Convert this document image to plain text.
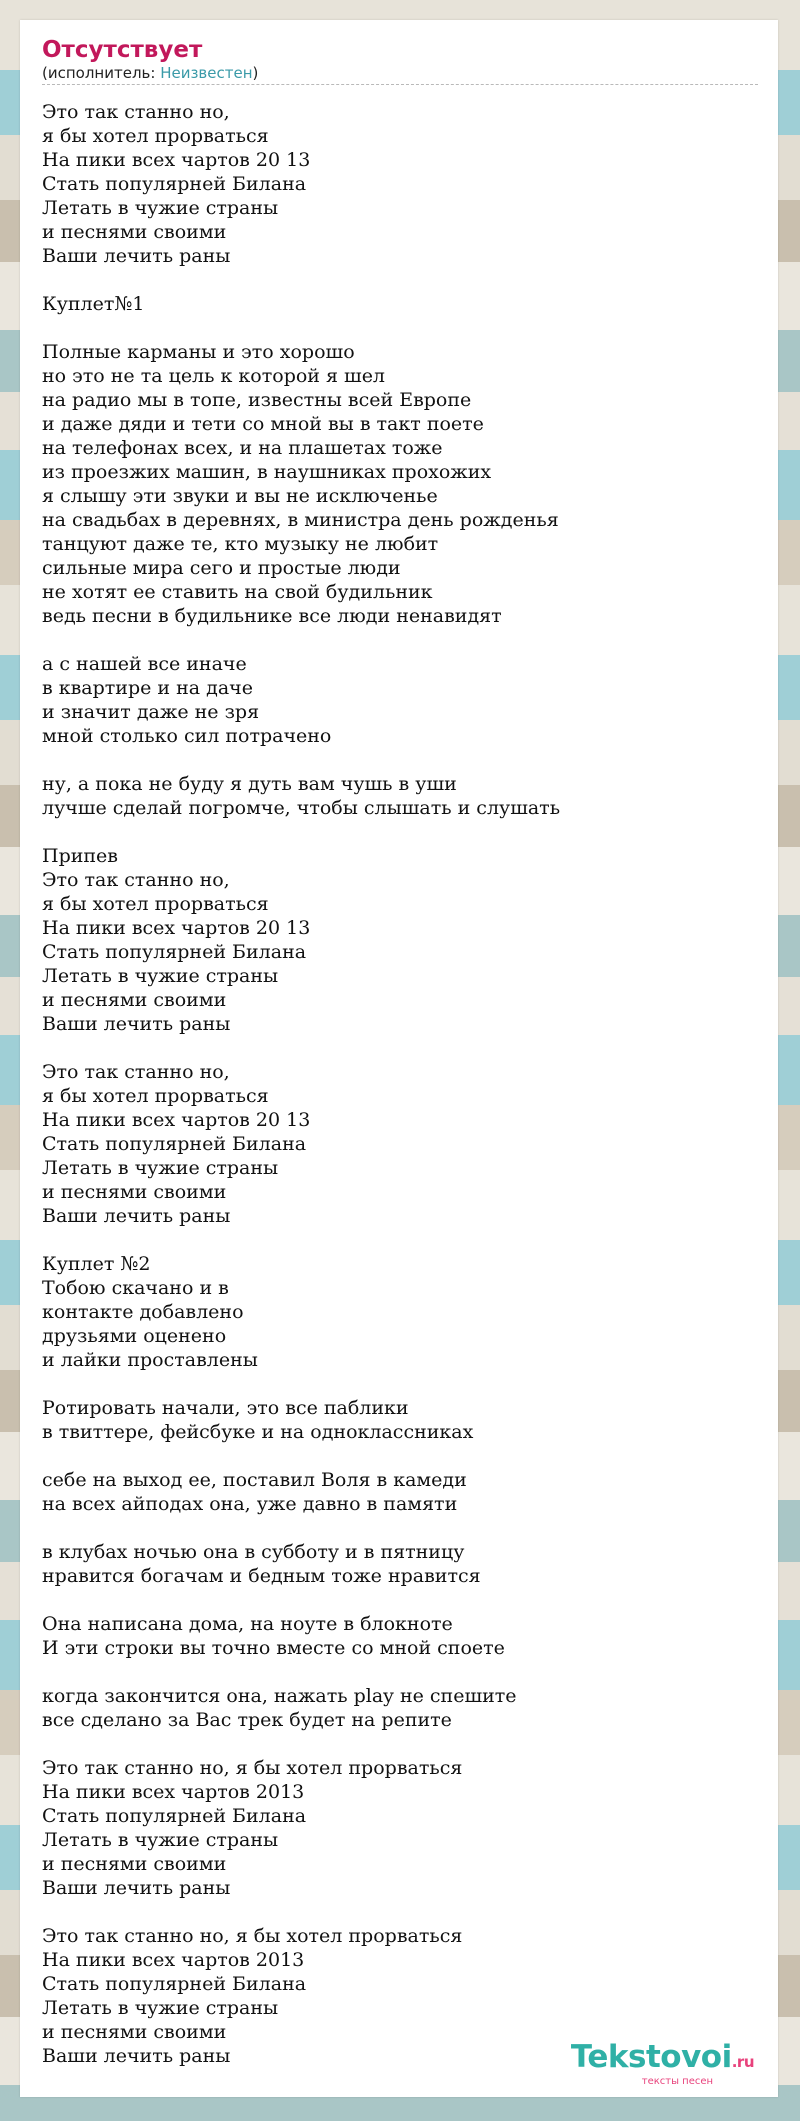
Отсутствует
(исполнитель: Неизвестен)
Это так станно но,
я бы хотел прорваться
На пики всех чартов 20 13
Стать популярней Билана
Летать в чужие страны
и песнями своими
Ваши лечить раны

Куплет№1

Полные карманы и это хорошо
но это не та цель к которой я шел
на радио мы в топе, известны всей Европе
и даже дяди и тети со мной вы в такт поете
на телефонах всех, и на плашетах тоже
из проезжих машин, в наушниках прохожих
я слышу эти звуки и вы не исключенье
на свадьбах в деревнях, в министра день рожденья
танцуют даже те, кто музыку не любит
сильные мира сего и простые люди
не хотят ее ставить на свой будильник
ведь песни в будильнике все люди ненавидят

а с нашей все иначе
в квартире и на даче
и значит даже не зря
мной столько сил потрачено

ну, а пока не буду я дуть вам чушь в уши
лучше сделай погромче, чтобы слышать и слушать

Припев
Это так станно но,
я бы хотел прорваться
На пики всех чартов 20 13
Стать популярней Билана
Летать в чужие страны
и песнями своими
Ваши лечить раны

Это так станно но,
я бы хотел прорваться
На пики всех чартов 20 13
Стать популярней Билана
Летать в чужие страны
и песнями своими
Ваши лечить раны

Куплет №2
Тобою скачано и в
контакте добавлено
друзьями оценено
и лайки проставлены

Ротировать начали, это все паблики
в твиттере, фейсбуке и на одноклассниках

себе на выход ее, поставил Воля в камеди
на всех айподах она, уже давно в памяти

в клубах ночью она в субботу и в пятницу
нравится богачам и бедным тоже нравится

Она написана дома, на ноуте в блокноте
И эти строки вы точно вместе со мной споете

когда закончится она, нажать play не спешите
все сделано за Вас трек будет на репите

Это так станно но, я бы хотел прорваться
На пики всех чартов 2013
Стать популярней Билана
Летать в чужие страны
и песнями своими
Ваши лечить раны

Это так станно но, я бы хотел прорваться
На пики всех чартов 2013
Стать популярней Билана
Летать в чужие страны
и песнями своими
Ваши лечить раны	Tekstovoi.ru
тексты песен
